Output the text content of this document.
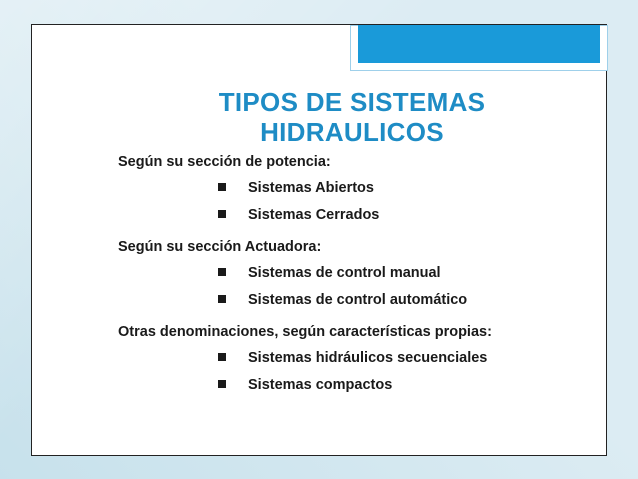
TIPOS DE SISTEMAS
HIDRAULICOS
Según su sección de potencia:
Sistemas Abiertos
Sistemas Cerrados
Según su sección Actuadora:
Sistemas de control manual
Sistemas de control automático
Otras denominaciones, según características propias:
Sistemas hidráulicos secuenciales
Sistemas compactos
